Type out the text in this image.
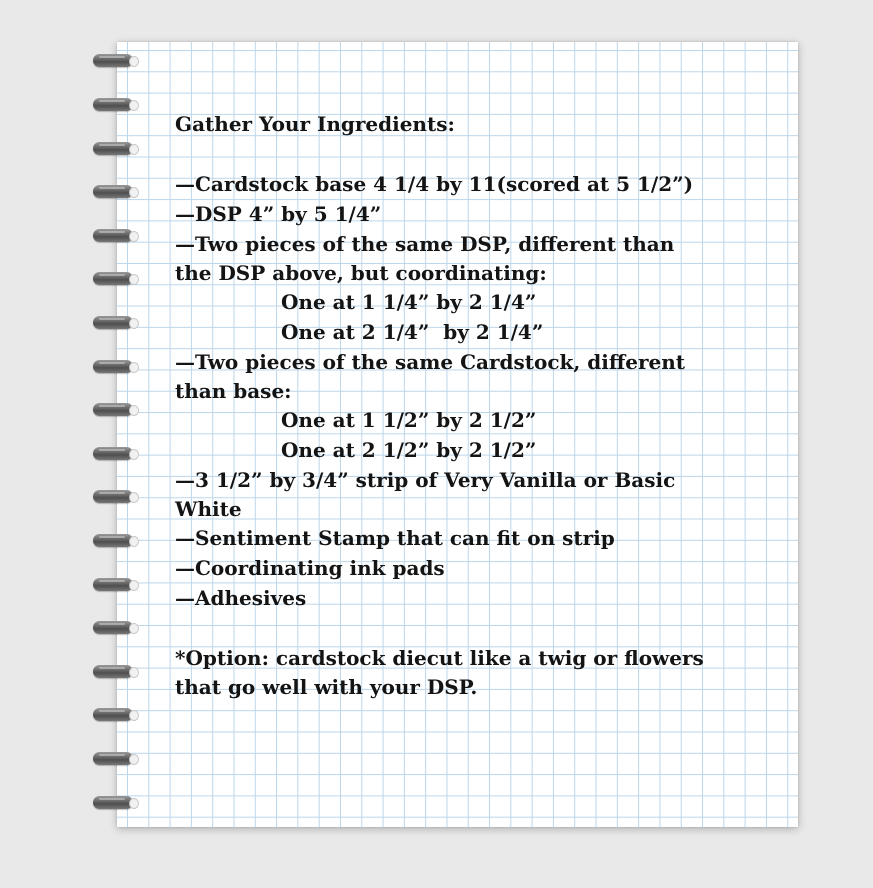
Gather Your Ingredients:
—Cardstock base 4 1/4 by 11(scored at 5 1/2”)
—DSP 4” by 5 1/4”
—Two pieces of the same DSP, different than
the DSP above, but coordinating:
One at 1 1/4” by 2 1/4”
One at 2 1/4”  by 2 1/4”
—Two pieces of the same Cardstock, different
than base:
One at 1 1/2” by 2 1/2”
One at 2 1/2” by 2 1/2”
—3 1/2” by 3/4” strip of Very Vanilla or Basic
White
—Sentiment Stamp that can fit on strip
—Coordinating ink pads
—Adhesives
*Option: cardstock diecut like a twig or flowers
that go well with your DSP.
